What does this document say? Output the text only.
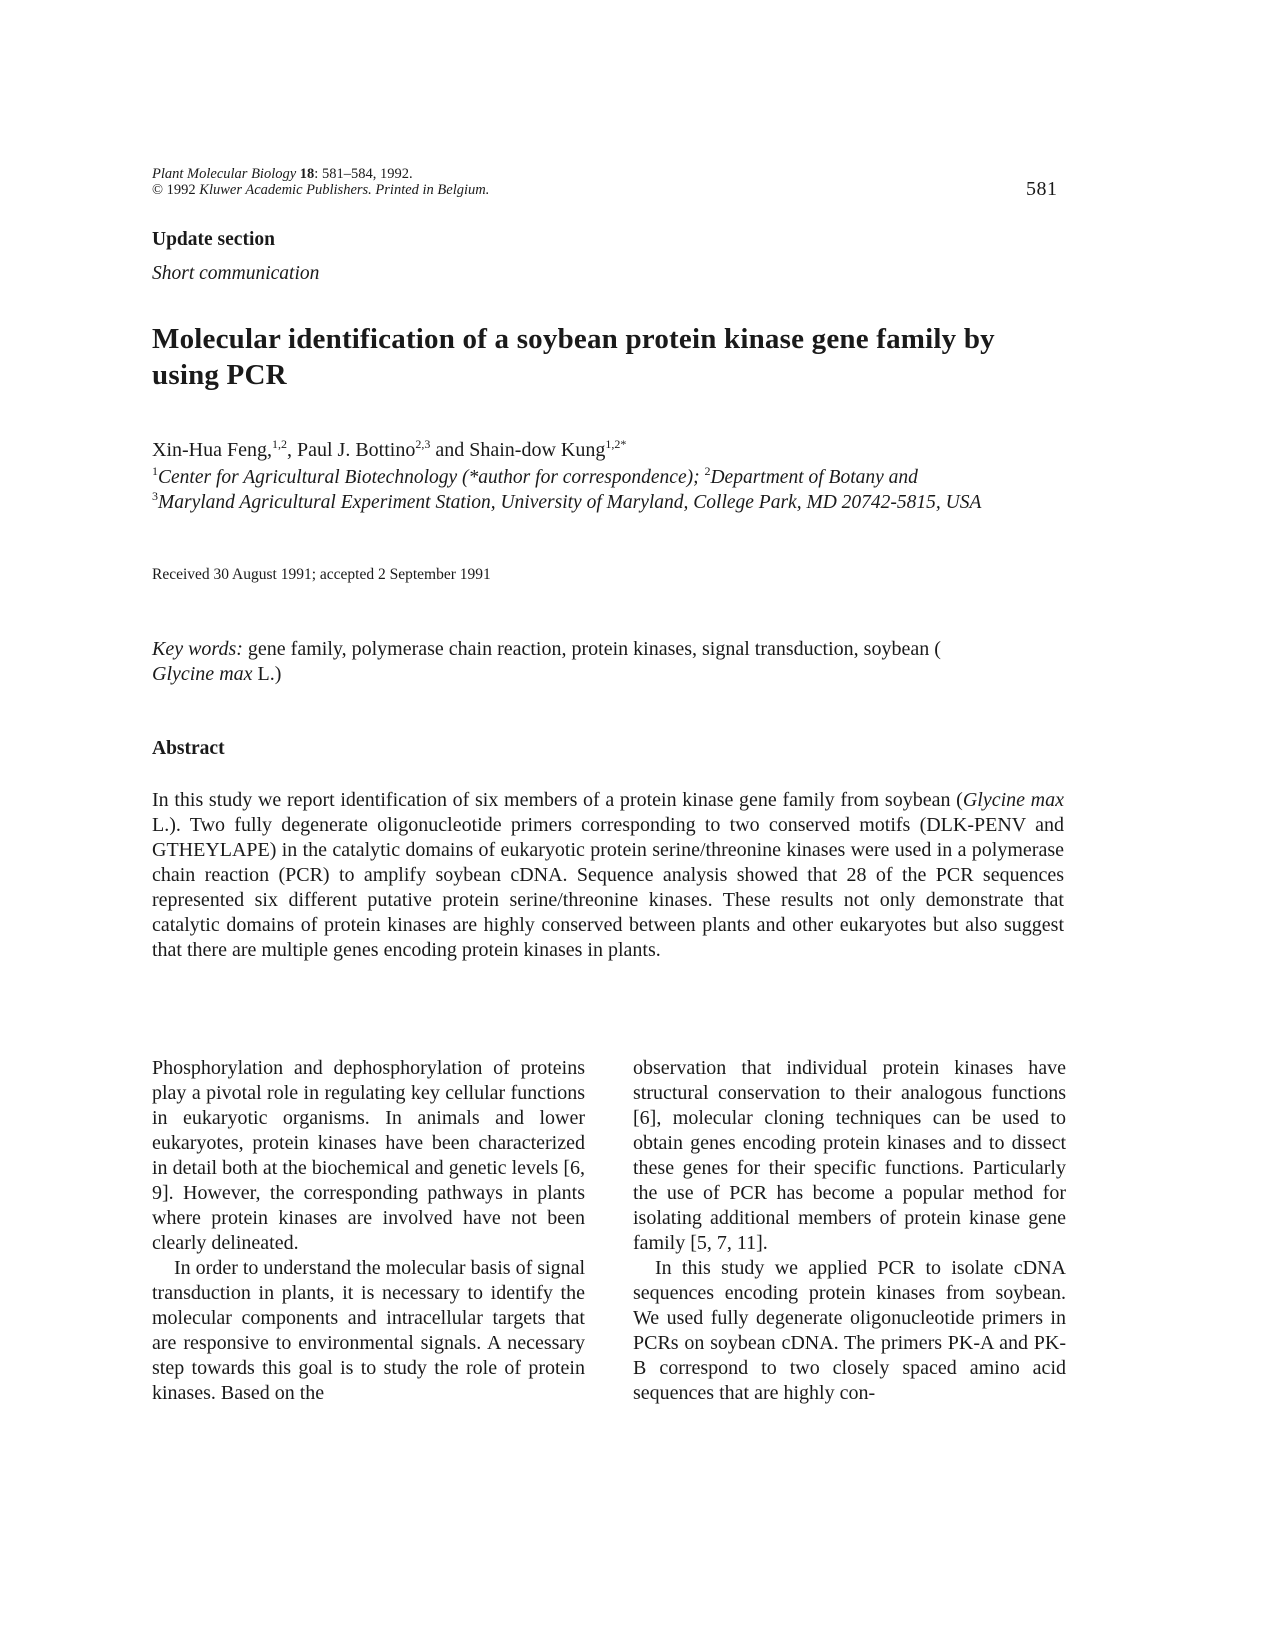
Plant Molecular Biology 18: 581–584, 1992.
© 1992 Kluwer Academic Publishers. Printed in Belgium.	581
Update section
Short communication
Molecular identification of a soybean protein kinase gene family by using PCR
Xin-Hua Feng,$^{1,2}$, Paul J. Bottino$^{2,3}$ and Shain-dow Kung$^{1,2*}$
$^1$Center for Agricultural Biotechnology (*author for correspondence); $^2$Department of Botany and
$^3$Maryland Agricultural Experiment Station, University of Maryland, College Park, MD 20742-5815, USA
Received 30 August 1991; accepted 2 September 1991
Key words: gene family, polymerase chain reaction, protein kinases, signal transduction, soybean (
Glycine max L.)
Abstract
In this study we report identification of six members of a protein kinase gene family from soybean (Glycine max L.). Two fully degenerate oligonucleotide primers corresponding to two conserved motifs (DLK-PENV and GTHEYLAPE) in the catalytic domains of eukaryotic protein serine/threonine kinases were used in a polymerase chain reaction (PCR) to amplify soybean cDNA. Sequence analysis showed that 28 of the PCR sequences represented six different putative protein serine/threonine kinases. These results not only demonstrate that catalytic domains of protein kinases are highly conserved between plants and other eukaryotes but also suggest that there are multiple genes encoding protein kinases in plants.

Phosphorylation and dephosphorylation of proteins play a pivotal role in regulating key cellular functions in eukaryotic organisms. In animals and lower eukaryotes, protein kinases have been characterized in detail both at the biochemical and genetic levels [6, 9]. However, the corresponding pathways in plants where protein kinases are involved have not been clearly delineated.

In order to understand the molecular basis of signal transduction in plants, it is necessary to identify the molecular components and intracellular targets that are responsive to environmental signals. A necessary step towards this goal is to study the role of protein kinases. Based on the

observation that individual protein kinases have structural conservation to their analogous functions [6], molecular cloning techniques can be used to obtain genes encoding protein kinases and to dissect these genes for their specific functions. Particularly the use of PCR has become a popular method for isolating additional members of protein kinase gene family [5, 7, 11].

In this study we applied PCR to isolate cDNA sequences encoding protein kinases from soybean. We used fully degenerate oligonucleotide primers in PCRs on soybean cDNA. The primers PK-A and PK-B correspond to two closely spaced amino acid sequences that are highly con-
